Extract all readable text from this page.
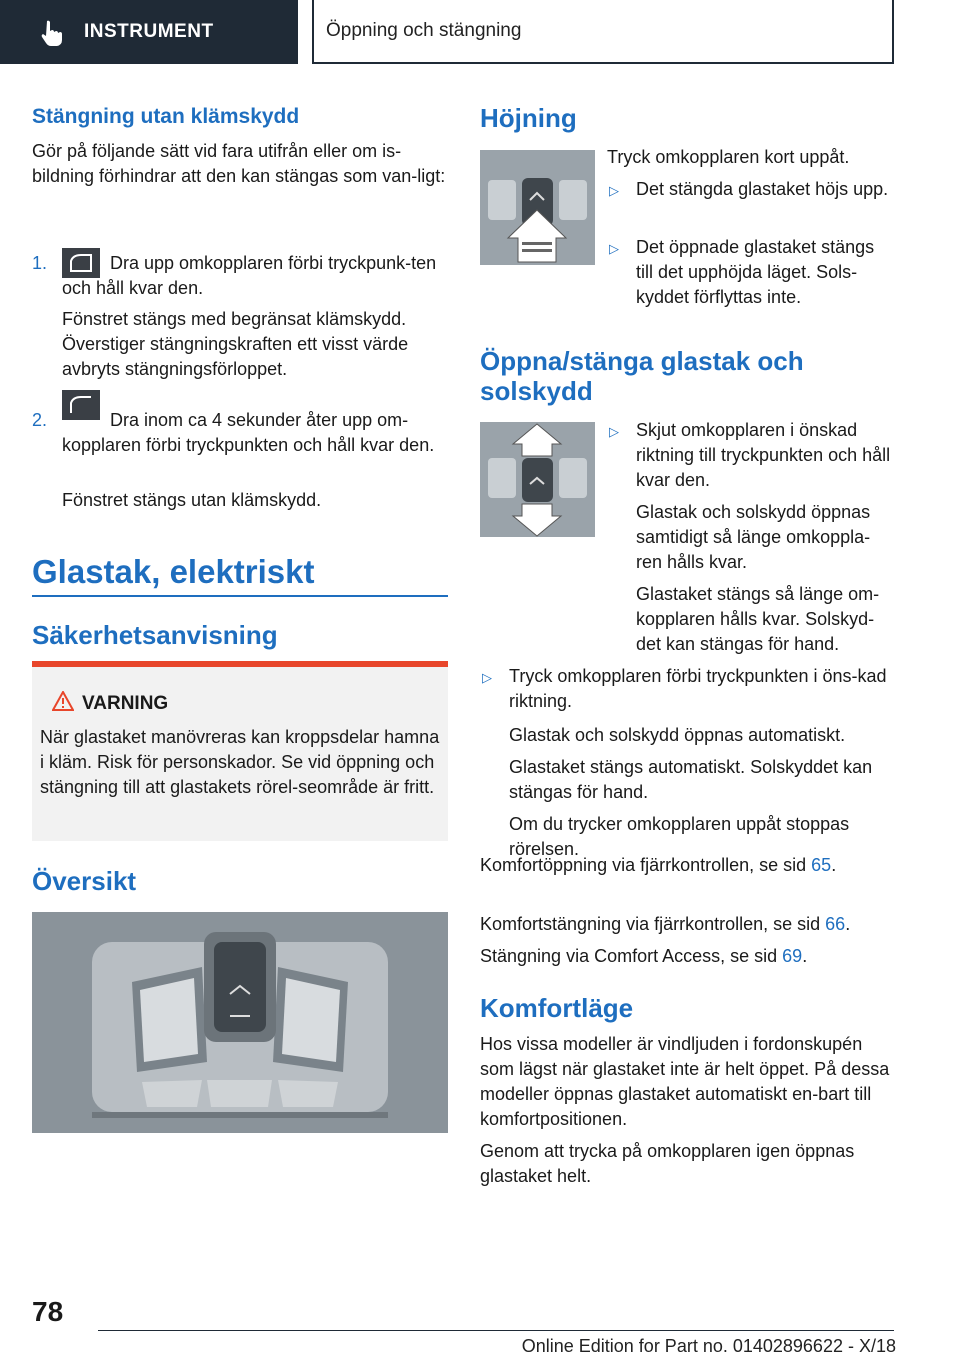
INSTRUMENT	Öppning och stängning
Stängning utan klämskydd

Gör på följande sätt vid fara utifrån eller om is-bildning förhindrar att den kan stängas som van-ligt:

1.	Dra upp omkopplaren förbi tryckpunk-ten och håll kvar den.

Fönstret stängs med begränsat klämskydd. Överstiger stängningskraften ett visst värde avbryts stängningsförloppet.

2.	Dra inom ca 4 sekunder åter upp om-kopplaren förbi tryckpunkten och håll kvar den.

Fönstret stängs utan klämskydd.

Glastak, elektriskt
Säkerhetsanvisning
VARNING
När glastaket manövreras kan kroppsdelar hamna i kläm. Risk för personskador. Se vid öppning och stängning till att glastakets rörel-seområde är fritt.
Översikt
Höjning

Tryck omkopplaren kort uppåt.

▷ Det stängda glastaket höjs upp.

▷ Det öppnade glastaket stängs till det upphöjda läget. Sols-kyddet förflyttas inte.

Öppna/stänga glastak och solskydd
▷ Skjut omkopplaren i önskad riktning till tryckpunkten och håll kvar den.

Glastak och solskydd öppnas samtidigt så länge omkoppla-ren hålls kvar.

Glastaket stängs så länge om-kopplaren hålls kvar. Solskyd-det kan stängas för hand.

▷ Tryck omkopplaren förbi tryckpunkten i öns-kad riktning.

Glastak och solskydd öppnas automatiskt.

Glastaket stängs automatiskt. Solskyddet kan stängas för hand.

Om du trycker omkopplaren uppåt stoppas rörelsen.

Komfortöppning via fjärrkontrollen, se sid 65.

Komfortstängning via fjärrkontrollen, se sid 66.

Stängning via Comfort Access, se sid 69.

Komfortläge

Hos vissa modeller är vindljuden i fordonskupén som lägst när glastaket inte är helt öppet. På dessa modeller öppnas glastaket automatiskt en-bart till komfortpositionen.

Genom att trycka på omkopplaren igen öppnas glastaket helt.

78
Online Edition for Part no. 01402896622 - X/18
